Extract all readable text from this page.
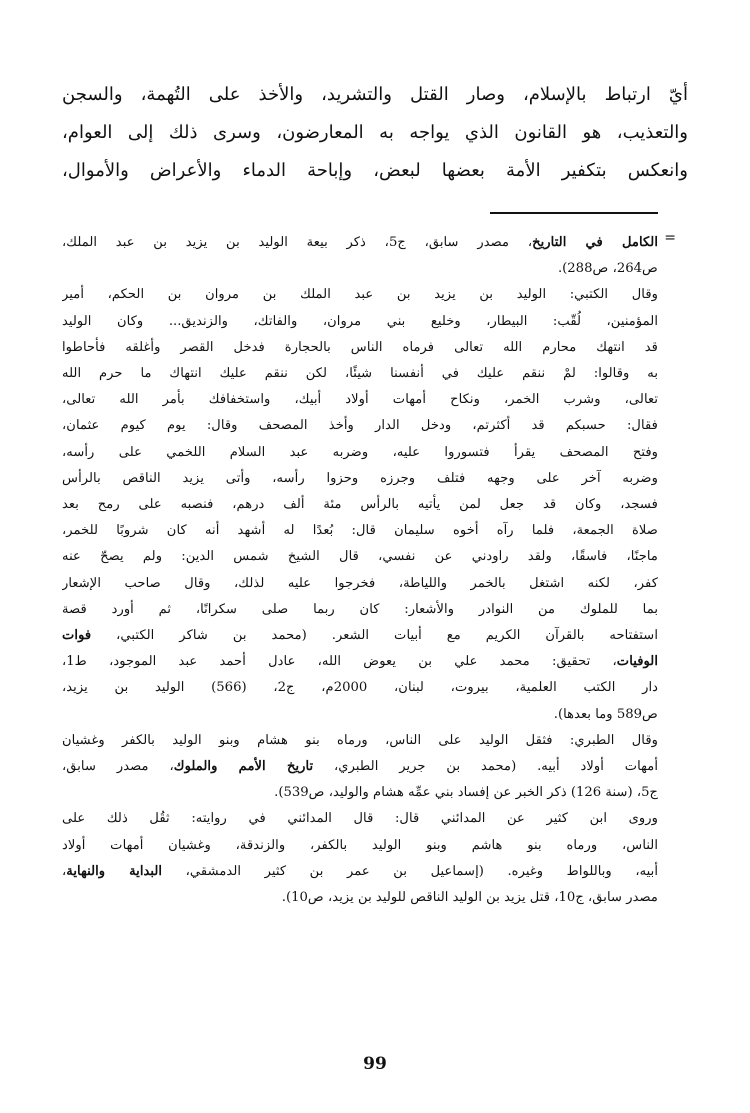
أيّ ارتباط بالإسلام، وصار القتل والتشريد، والأخذ على التُهمة، والسجن
والتعذيب، هو القانون الذي يواجه به المعارضون، وسرى ذلك إلى العوام،
وانعكس بتكفير الأمة بعضها لبعض، وإباحة الدماء والأعراض والأموال،
=
الكامل في التاريخ، مصدر سابق، ج5، ذكر بيعة الوليد بن يزيد بن عبد الملك،
ص264، ص288).
وقال الكتبي: الوليد بن يزيد بن عبد الملك بن مروان بن الحكم، أمير
المؤمنين، لُقّب: البيطار، وخليع بني مروان، والفاتك، والزنديق... وكان الوليد
قد انتهك محارم الله تعالى فرماه الناس بالحجارة فدخل القصر وأغلقه فأحاطوا
به وقالوا: لمْ ننقم عليك في أنفسنا شيئًا، لكن ننقم عليك انتهاك ما حرم الله
تعالى، وشرب الخمر، ونكاح أمهات أولاد أبيك، واستخفافك بأمر الله تعالى،
فقال: حسبكم قد أكثرتم، ودخل الدار وأخذ المصحف وقال: يوم كيوم عثمان،
وفتح المصحف يقرأ فتسوروا عليه، وضربه عبد السلام اللخمي على رأسه،
وضربه آخر على وجهه فتلف وجرزه وحزوا رأسه، وأتى يزيد الناقص بالرأس
فسجد، وكان قد جعل لمن يأتيه بالرأس مئة ألف درهم، فنصبه على رمح بعد
صلاة الجمعة، فلما رآه أخوه سليمان قال: بُعدًا له أشهد أنه كان شروبًا للخمر،
ماجنًا، فاسقًا، ولقد راودني عن نفسي، قال الشيخ شمس الدين: ولم يصحّ عنه
كفر، لكنه اشتغل بالخمر واللياطة، فخرجوا عليه لذلك، وقال صاحب الإشعار
بما للملوك من النوادر والأشعار: كان ربما صلى سكرانًا، ثم أورد قصة
استفتاحه بالقرآن الكريم مع أبيات الشعر. (محمد بن شاكر الكتبي، فوات
الوفيات، تحقيق: محمد علي بن يعوض الله، عادل أحمد عبد الموجود، ط1،
دار الكتب العلمية، بيروت، لبنان، 2000م، ج2، (566) الوليد بن يزيد،
ص589 وما بعدها).
وقال الطبري: فثقل الوليد على الناس، ورماه بنو هشام وبنو الوليد بالكفر وغشيان
أمهات أولاد أبيه. (محمد بن جرير الطبري، تاريخ الأمم والملوك، مصدر سابق،
ج5، (سنة 126) ذكر الخبر عن إفساد بني عمِّه هشام والوليد، ص539).
وروى ابن كثير عن المدائني قال: قال المدائني في روايته: ثقُل ذلك على
الناس، ورماه بنو هاشم وبنو الوليد بالكفر، والزندقة، وغشيان أمهات أولاد
أبيه، وباللواط وغيره. (إسماعيل بن عمر بن كثير الدمشقي، البداية والنهاية،
مصدر سابق، ج10، قتل يزيد بن الوليد الناقص للوليد بن يزيد، ص10).
99
